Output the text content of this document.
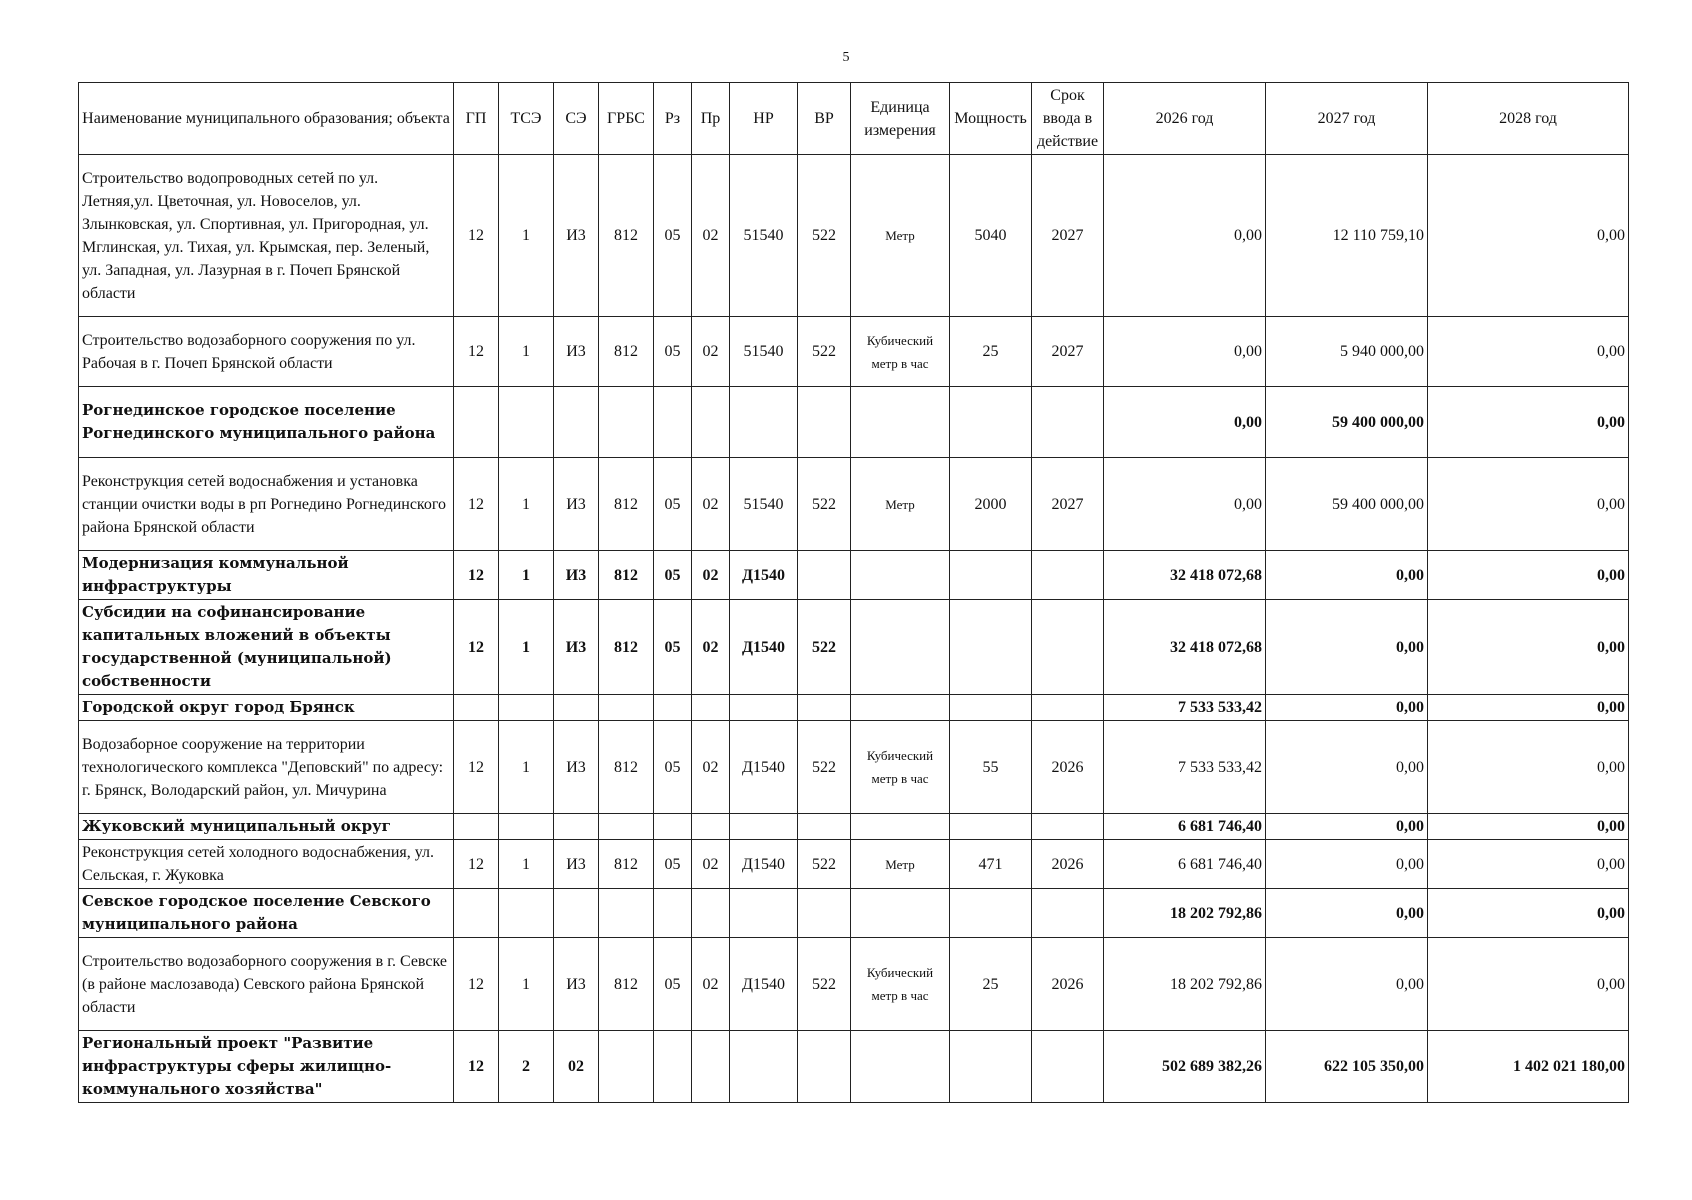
5
Наименование муниципального образования; объекта	ГП	ТСЭ	СЭ	ГРБС	Рз	Пр	НР	ВР	Единица измерения	Мощность	Срок ввода в действие	2026 год	2027 год	2028 год
Строительство водопроводных сетей по ул. Летняя,ул. Цветочная, ул. Новоселов, ул. Злынковская, ул. Спортивная, ул. Пригородная, ул. Мглинская, ул. Тихая, ул. Крымская, пер. Зеленый, ул. Западная, ул. Лазурная в г. Почеп Брянской области	12	1	И3	812	05	02	51540	522	Метр	5040	2027	0,00	12 110 759,10	0,00
Строительство водозаборного сооружения по ул. Рабочая в г. Почеп Брянской области	12	1	И3	812	05	02	51540	522	Кубический метр в час	25	2027	0,00	5 940 000,00	0,00
Рогнединское городское поселение Рогнединского муниципального района												0,00	59 400 000,00	0,00
Реконструкция сетей водоснабжения и установка станции очистки воды в рп Рогнедино Рогнединского района Брянской области	12	1	И3	812	05	02	51540	522	Метр	2000	2027	0,00	59 400 000,00	0,00
Модернизация коммунальной инфраструктуры	12	1	И3	812	05	02	Д1540					32 418 072,68	0,00	0,00
Субсидии на софинансирование капитальных вложений в объекты государственной (муниципальной) собственности	12	1	И3	812	05	02	Д1540	522				32 418 072,68	0,00	0,00
Городской округ город Брянск												7 533 533,42	0,00	0,00
Водозаборное сооружение на территории технологического комплекса "Деповский" по адресу: г. Брянск, Володарский район, ул. Мичурина	12	1	И3	812	05	02	Д1540	522	Кубический метр в час	55	2026	7 533 533,42	0,00	0,00
Жуковский муниципальный округ												6 681 746,40	0,00	0,00
Реконструкция сетей холодного водоснабжения, ул. Сельская, г. Жуковка	12	1	И3	812	05	02	Д1540	522	Метр	471	2026	6 681 746,40	0,00	0,00
Севское городское поселение Севского муниципального района												18 202 792,86	0,00	0,00
Строительство водозаборного сооружения в г. Севске (в районе маслозавода) Севского района Брянской области	12	1	И3	812	05	02	Д1540	522	Кубический метр в час	25	2026	18 202 792,86	0,00	0,00
Региональный проект "Развитие инфраструктуры сферы жилищно-коммунального хозяйства"	12	2	02									502 689 382,26	622 105 350,00	1 402 021 180,00
